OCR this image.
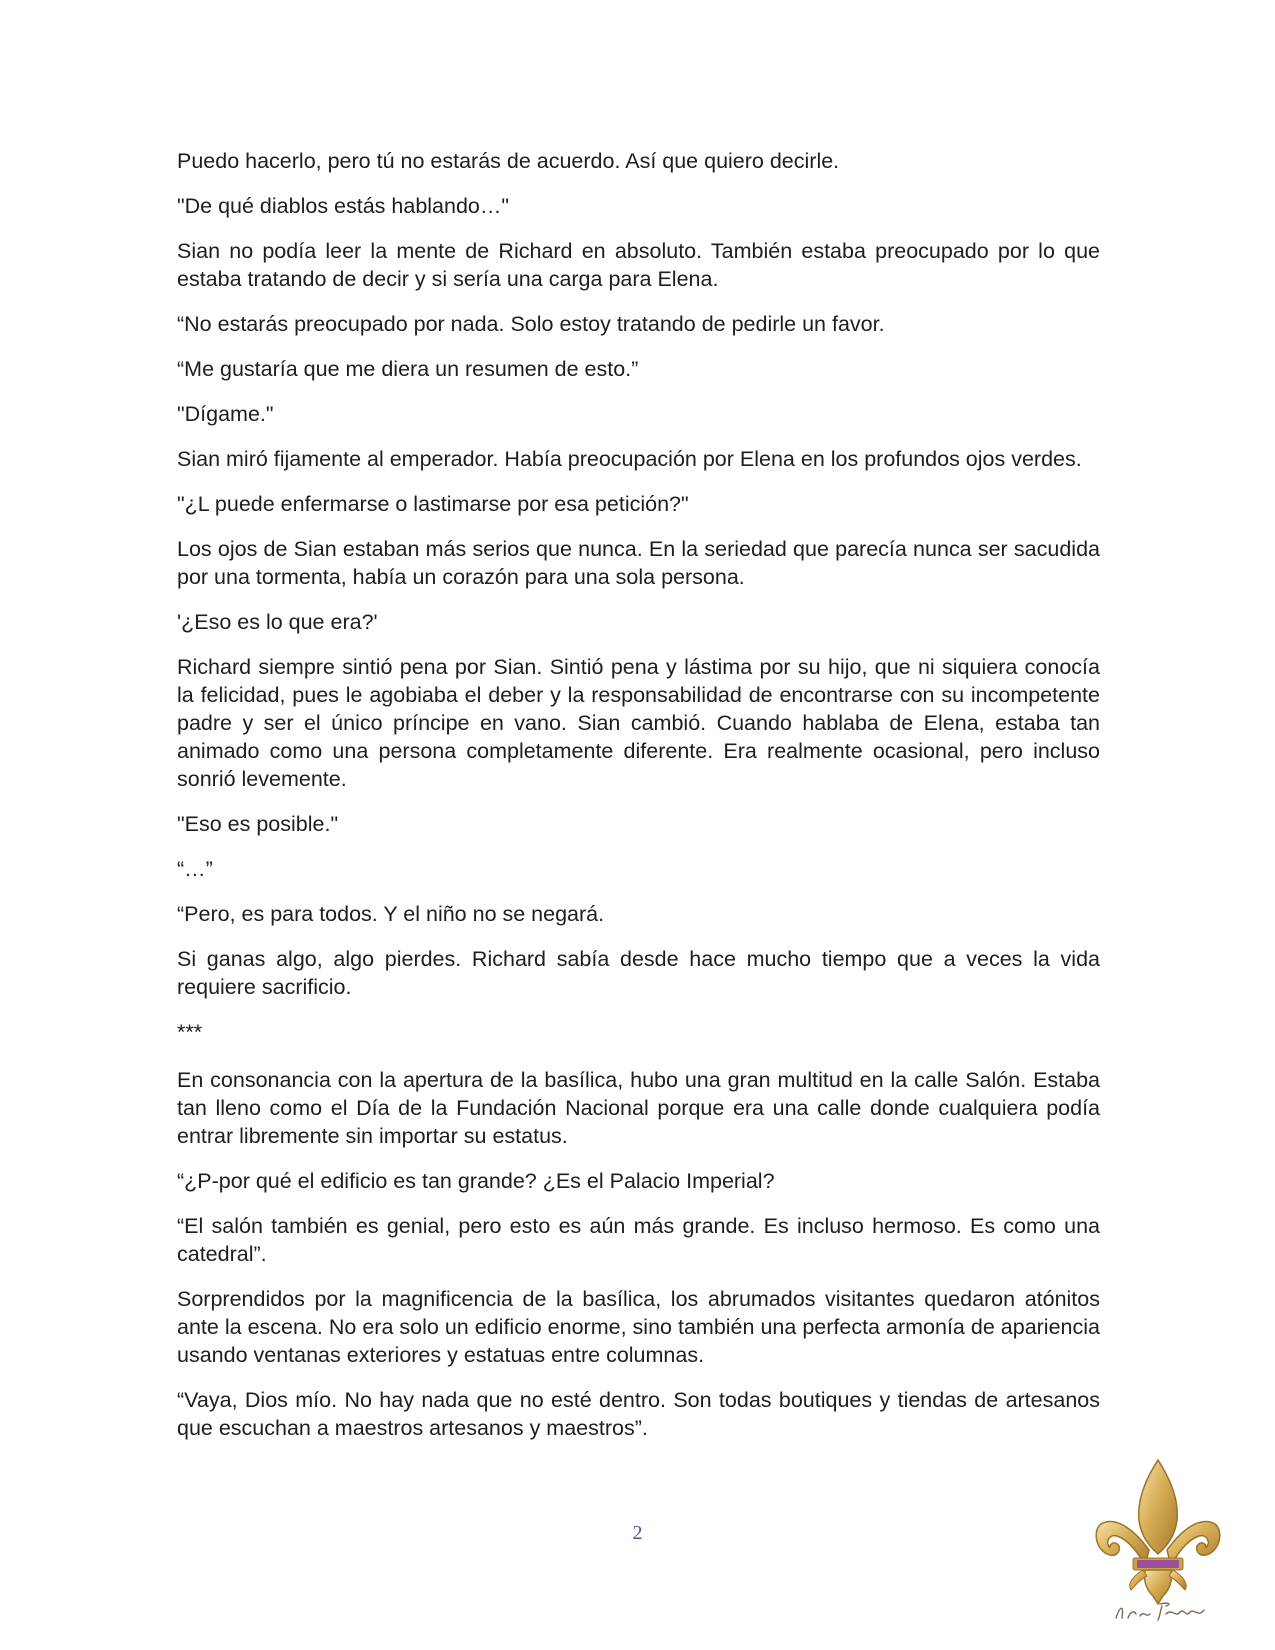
Puedo hacerlo, pero tú no estarás de acuerdo. Así que quiero decirle.

"De qué diablos estás hablando…"

Sian no podía leer la mente de Richard en absoluto. También estaba preocupado por lo que estaba tratando de decir y si sería una carga para Elena.

“No estarás preocupado por nada. Solo estoy tratando de pedirle un favor.

“Me gustaría que me diera un resumen de esto.”

"Dígame."

Sian miró fijamente al emperador. Había preocupación por Elena en los profundos ojos verdes.

"¿L puede enfermarse o lastimarse por esa petición?"

Los ojos de Sian estaban más serios que nunca. En la seriedad que parecía nunca ser sacudida por una tormenta, había un corazón para una sola persona.

'¿Eso es lo que era?'

Richard siempre sintió pena por Sian. Sintió pena y lástima por su hijo, que ni siquiera conocía la felicidad, pues le agobiaba el deber y la responsabilidad de encontrarse con su incompetente padre y ser el único príncipe en vano. Sian cambió. Cuando hablaba de Elena, estaba tan animado como una persona completamente diferente. Era realmente ocasional, pero incluso sonrió levemente.

"Eso es posible."

“…”

“Pero, es para todos. Y el niño no se negará.

Si ganas algo, algo pierdes. Richard sabía desde hace mucho tiempo que a veces la vida requiere sacrificio.

***

En consonancia con la apertura de la basílica, hubo una gran multitud en la calle Salón. Estaba tan lleno como el Día de la Fundación Nacional porque era una calle donde cualquiera podía entrar libremente sin importar su estatus.

“¿P-por qué el edificio es tan grande? ¿Es el Palacio Imperial?

“El salón también es genial, pero esto es aún más grande. Es incluso hermoso. Es como una catedral”.

Sorprendidos por la magnificencia de la basílica, los abrumados visitantes quedaron atónitos ante la escena. No era solo un edificio enorme, sino también una perfecta armonía de apariencia usando ventanas exteriores y estatuas entre columnas.

“Vaya, Dios mío. No hay nada que no esté dentro. Son todas boutiques y tiendas de artesanos que escuchan a maestros artesanos y maestros”.

2
